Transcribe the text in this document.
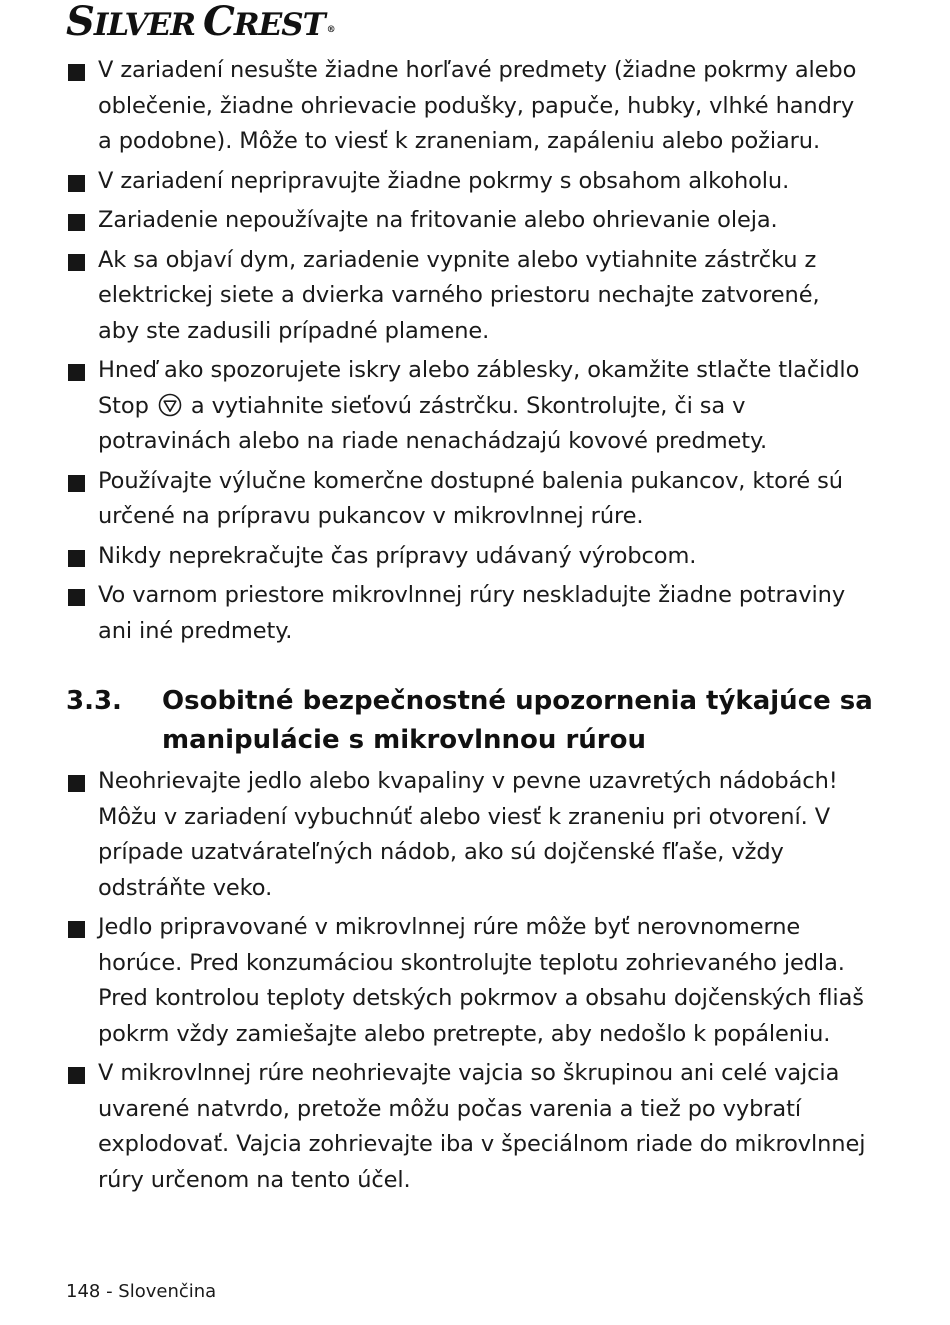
SILVER CREST ®
V zariadení nesušte žiadne horľavé predmety (žiadne pokrmy alebo oblečenie, žiadne ohrievacie podušky, papuče, hubky, vlhké handry a podobne). Môže to viesť k zraneniam, zapáleniu alebo požiaru.
V zariadení nepripravujte žiadne pokrmy s obsahom alkoholu.
Zariadenie nepoužívajte na fritovanie alebo ohrievanie oleja.
Ak sa objaví dym, zariadenie vypnite alebo vytiahnite zástrčku z elektrickej siete a dvierka varného priestoru nechajte zatvorené, aby ste zadusili prípadné plamene.
Hneď ako spozorujete iskry alebo záblesky, okamžite stlačte tlačidlo Stop a vytiahnite sieťovú zástrčku. Skontrolujte, či sa v potravinách alebo na riade nenachádzajú kovové predmety.
Používajte výlučne komerčne dostupné balenia pukancov, ktoré sú určené na prípravu pukancov v mikrovlnnej rúre.
Nikdy neprekračujte čas prípravy udávaný výrobcom.
Vo varnom priestore mikrovlnnej rúry neskladujte žiadne potraviny ani iné predmety.
3.3. Osobitné bezpečnostné upozornenia týkajúce sa manipulácie s mikrovlnnou rúrou
Neohrievajte jedlo alebo kvapaliny v pevne uzavretých nádobách! Môžu v zariadení vybuchnúť alebo viesť k zraneniu pri otvorení. V prípade uzatvárateľných nádob, ako sú dojčenské fľaše, vždy odstráňte veko.
Jedlo pripravované v mikrovlnnej rúre môže byť nerovnomerne horúce. Pred konzumáciou skontrolujte teplotu zohrievaného jedla. Pred kontrolou teploty detských pokrmov a obsahu dojčenských fliaš pokrm vždy zamiešajte alebo pretrepte, aby nedošlo k popáleniu.
V mikrovlnnej rúre neohrievajte vajcia so škrupinou ani celé vajcia uvarené natvrdo, pretože môžu počas varenia a tiež po vybratí explodovať. Vajcia zohrievajte iba v špeciálnom riade do mikrovlnnej rúry určenom na tento účel.
148 - Slovenčina
